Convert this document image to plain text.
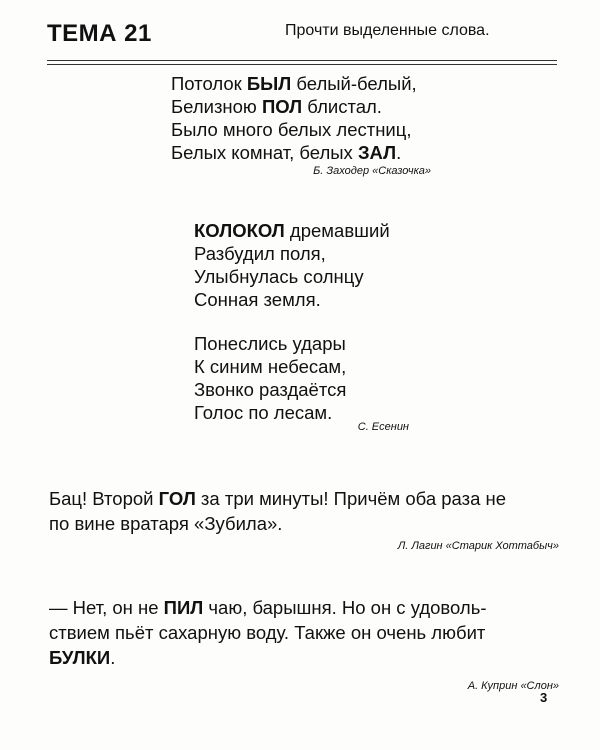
ТЕМА 21	Прочти выделенные слова.
Потолок БЫЛ белый-белый,
Белизною ПОЛ блистал.
Было много белых лестниц,
Белых комнат, белых ЗАЛ.
Б. Заходер «Сказочка»
КОЛОКОЛ дремавший
Разбудил поля,
Улыбнулась солнцу
Сонная земля.
Понеслись удары
К синим небесам,
Звонко раздаётся
Голос по лесам.
С. Есенин
Бац! Второй ГОЛ за три минуты! Причём оба раза не
по вине вратаря «Зубила».
Л. Лагин «Старик Хоттабыч»
— Нет, он не ПИЛ чаю, барышня. Но он с удоволь-
ствием пьёт сахарную воду. Также он очень любит
БУЛКИ.
А. Куприн «Слон»
3
